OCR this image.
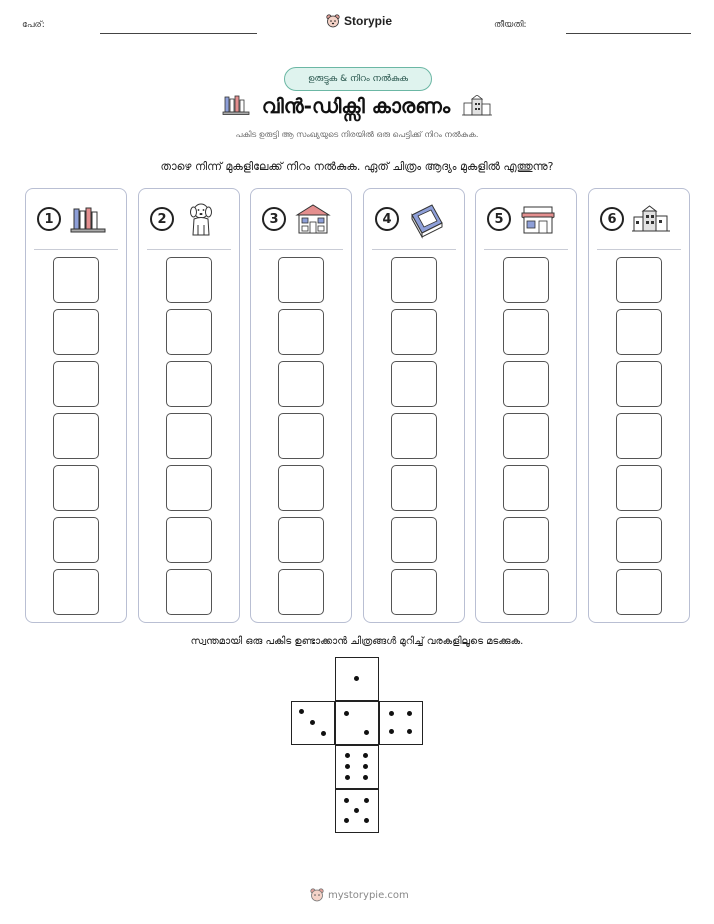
പേര്:	Storypie	തീയതി:
ഉരുട്ടുക & നിറം നൽകുക
വിൻ-ഡിക്സി കാരണം
പകിട ഉരുട്ടി ആ സംഖ്യയുടെ നിരയിൽ ഒരു പെട്ടിക്ക് നിറം നൽകുക.
താഴെ നിന്ന് മുകളിലേക്ക് നിറം നൽകുക. ഏത് ചിത്രം ആദ്യം മുകളിൽ എത്തുന്നു?
1	2	3	4	5	6
സ്വന്തമായി ഒരു പകിട ഉണ്ടാക്കാൻ ചിത്രങ്ങൾ മുറിച്ച് വരകളിലൂടെ മടക്കുക.
mystorypie.com
